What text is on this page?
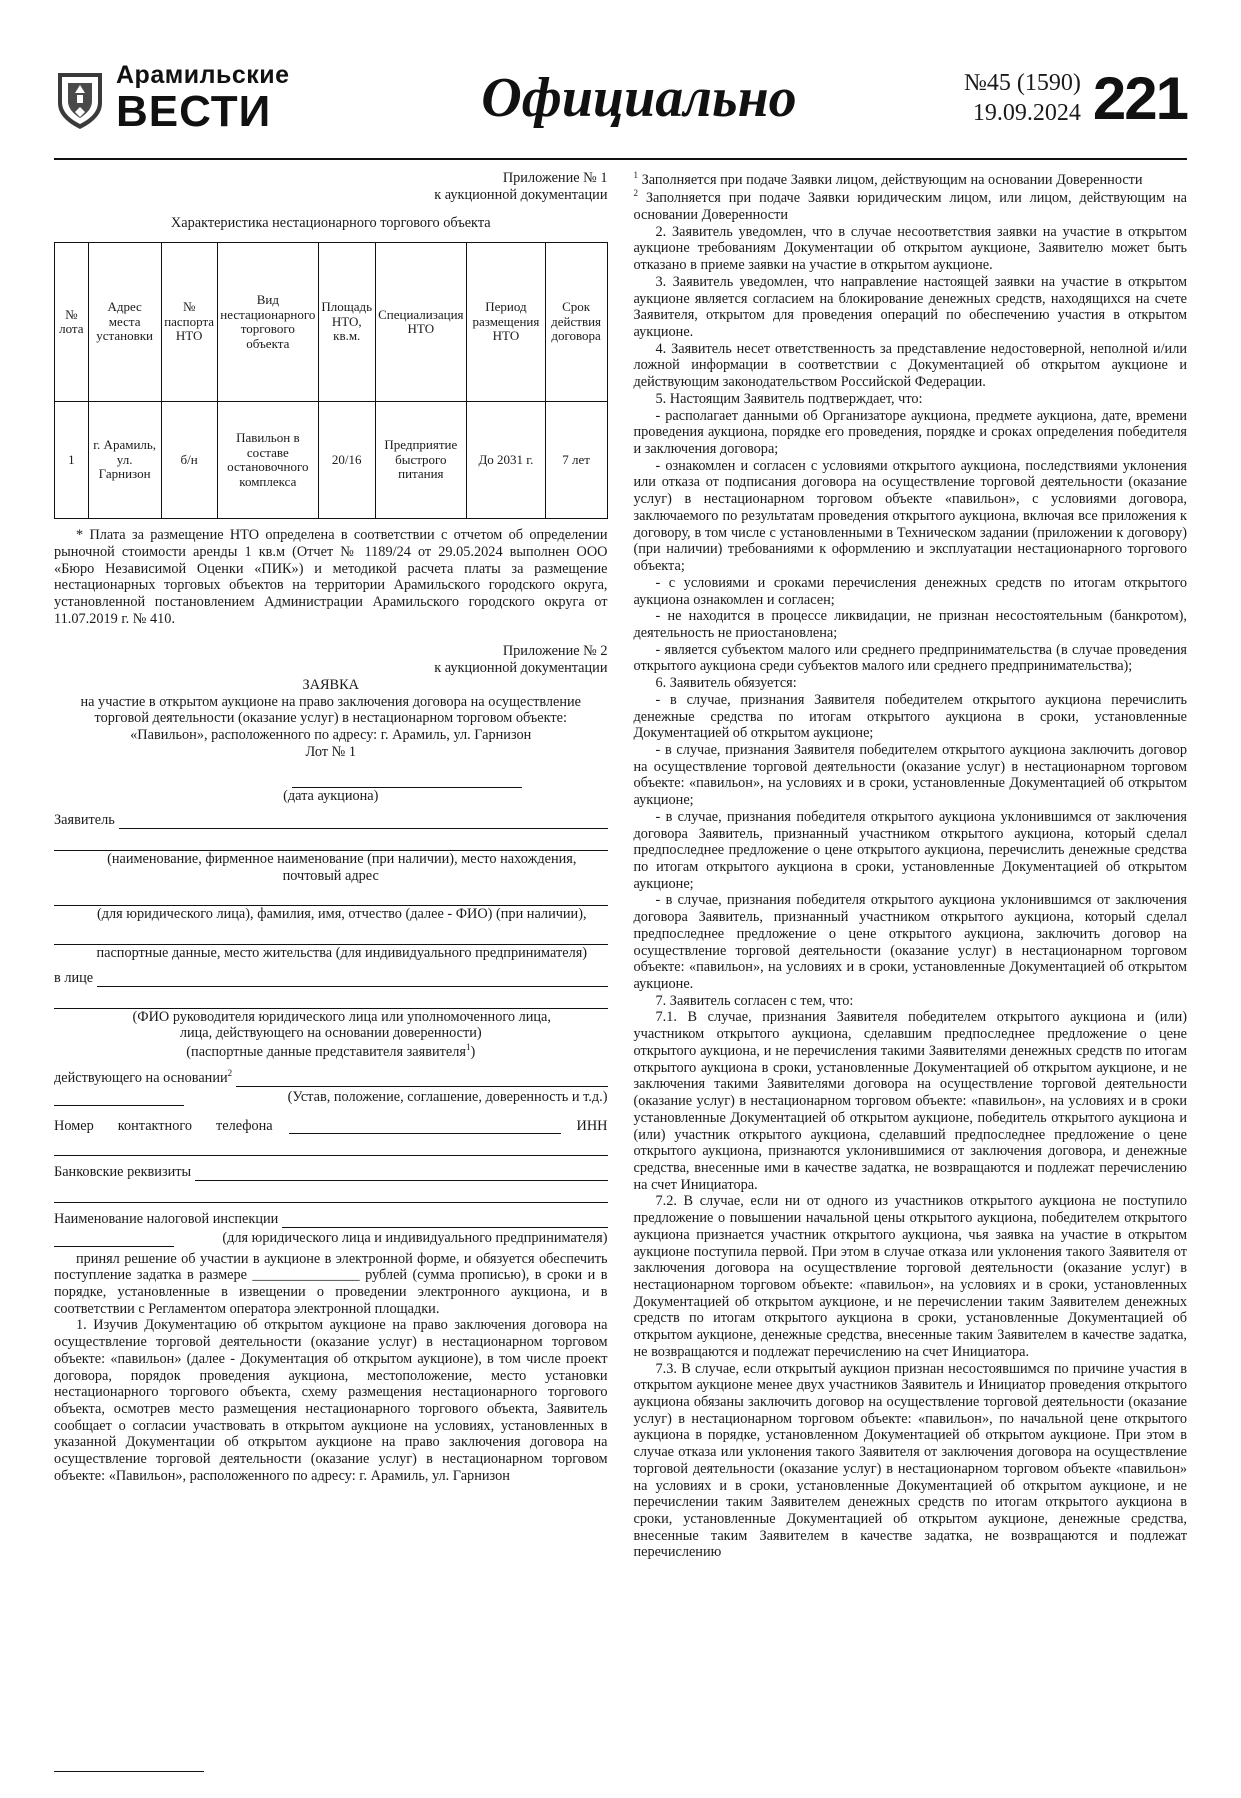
Арамильские
ВЕСТИ	Официально	№45 (1590)
19.09.2024 221

Приложение № 1

к аукционной документации

Характеристика нестационарного торгового объекта

№ лота	Адрес места установки	№ паспорта НТО	Вид нестационарного торгового объекта	Площадь НТО, кв.м.	Специализация НТО	Период размещения НТО	Срок действия договора
1	г. Арамиль, ул. Гарнизон	б/н	Павильон в составе остановочного комплекса	20/16	Предприятие быстрого питания	До 2031 г.	7 лет

* Плата за размещение НТО определена в соответствии с отчетом об определении рыночной стоимости аренды 1 кв.м (Отчет № 1189/24 от 29.05.2024 выполнен ООО «Бюро Независимой Оценки «ПИК») и методикой расчета платы за размещение нестационарных торговых объектов на территории Арамильского городского округа, установленной постановлением Администрации Арамильского городского округа от 11.07.2019 г. № 410.

Приложение № 2

к аукционной документации

ЗАЯВКА

на участие в открытом аукционе на право заключения договора на осуществление

торговой деятельности (оказание услуг) в нестационарном торговом объекте:

«Павильон», расположенного по адресу: г. Арамиль, ул. Гарнизон

Лот № 1

(дата аукциона)

Заявитель

(наименование, фирменное наименование (при наличии), место нахождения, почтовый адрес

(для юридического лица), фамилия, имя, отчество (далее - ФИО) (при наличии),

паспортные данные, место жительства (для индивидуального предпринимателя)

в лице

(ФИО руководителя юридического лица или уполномоченного лица,

лица, действующего на основании доверенности)

(паспортные данные представителя заявителя$^1$)

действующего на основании$^2$
(Устав, положение, соглашение, доверенность и т.д.)
Номер контактного телефона	ИНН
Банковские реквизиты
Наименование налоговой инспекции
(для юридического лица и индивидуального предпринимателя)

принял решение об участии в аукционе в электронной форме, и обязуется обеспечить поступление задатка в размере _______________ рублей (сумма прописью), в сроки и в порядке, установленные в извещении о проведении электронного аукциона, и в соответствии с Регламентом оператора электронной площадки.

1. Изучив Документацию об открытом аукционе на право заключения договора на осуществление торговой деятельности (оказание услуг) в нестационарном торговом объекте: «павильон» (далее - Документация об открытом аукционе), в том числе проект договора, порядок проведения аукциона, местоположение, место установки нестационарного торгового объекта, схему размещения нестационарного торгового объекта, осмотрев место размещения нестационарного торгового объекта, Заявитель сообщает о согласии участвовать в открытом аукционе на условиях, установленных в указанной Документации об открытом аукционе на право заключения договора на осуществление торговой деятельности (оказание услуг) в нестационарном торговом объекте: «Павильон», расположенного по адресу: г. Арамиль, ул. Гарнизон

$^1$ Заполняется при подаче Заявки лицом, действующим на основании Доверенности

$^2$ Заполняется при подаче Заявки юридическим лицом, или лицом, действующим на основании Доверенности

2. Заявитель уведомлен, что в случае несоответствия заявки на участие в открытом аукционе требованиям Документации об открытом аукционе, Заявителю может быть отказано в приеме заявки на участие в открытом аукционе.

3. Заявитель уведомлен, что направление настоящей заявки на участие в открытом аукционе является согласием на блокирование денежных средств, находящихся на счете Заявителя, открытом для проведения операций по обеспечению участия в открытом аукционе.

4. Заявитель несет ответственность за представление недостоверной, неполной и/или ложной информации в соответствии с Документацией об открытом аукционе и действующим законодательством Российской Федерации.

5. Настоящим Заявитель подтверждает, что:

- располагает данными об Организаторе аукциона, предмете аукциона, дате, времени проведения аукциона, порядке его проведения, порядке и сроках определения победителя и заключения договора;

- ознакомлен и согласен с условиями открытого аукциона, последствиями уклонения или отказа от подписания договора на осуществление торговой деятельности (оказание услуг) в нестационарном торговом объекте «павильон», с условиями договора, заключаемого по результатам проведения открытого аукциона, включая все приложения к договору, в том числе с установленными в Техническом задании (приложении к договору) (при наличии) требованиями к оформлению и эксплуатации нестационарного торгового объекта;

- с условиями и сроками перечисления денежных средств по итогам открытого аукциона ознакомлен и согласен;

- не находится в процессе ликвидации, не признан несостоятельным (банкротом), деятельность не приостановлена;

- является субъектом малого или среднего предпринимательства (в случае проведения открытого аукциона среди субъектов малого или среднего предпринимательства);

6. Заявитель обязуется:

- в случае, признания Заявителя победителем открытого аукциона перечислить денежные средства по итогам открытого аукциона в сроки, установленные Документацией об открытом аукционе;

- в случае, признания Заявителя победителем открытого аукциона заключить договор на осуществление торговой деятельности (оказание услуг) в нестационарном торговом объекте: «павильон», на условиях и в сроки, установленные Документацией об открытом аукционе;

- в случае, признания победителя открытого аукциона уклонившимся от заключения договора Заявитель, признанный участником открытого аукциона, который сделал предпоследнее предложение о цене открытого аукциона, перечислить денежные средства по итогам открытого аукциона в сроки, установленные Документацией об открытом аукционе;

- в случае, признания победителя открытого аукциона уклонившимся от заключения договора Заявитель, признанный участником открытого аукциона, который сделал предпоследнее предложение о цене открытого аукциона, заключить договор на осуществление торговой деятельности (оказание услуг) в нестационарном торговом объекте: «павильон», на условиях и в сроки, установленные Документацией об открытом аукционе.

7. Заявитель согласен с тем, что:

7.1. В случае, признания Заявителя победителем открытого аукциона и (или) участником открытого аукциона, сделавшим предпоследнее предложение о цене открытого аукциона, и не перечисления такими Заявителями денежных средств по итогам открытого аукциона в сроки, установленные Документацией об открытом аукционе, и не заключения такими Заявителями договора на осуществление торговой деятельности (оказание услуг) в нестационарном торговом объекте: «павильон», на условиях и в сроки установленные Документацией об открытом аукционе, победитель открытого аукциона и (или) участник открытого аукциона, сделавший предпоследнее предложение о цене открытого аукциона, признаются уклонившимися от заключения договора, и денежные средства, внесенные ими в качестве задатка, не возвращаются и подлежат перечислению на счет Инициатора.

7.2. В случае, если ни от одного из участников открытого аукциона не поступило предложение о повышении начальной цены открытого аукциона, победителем открытого аукциона признается участник открытого аукциона, чья заявка на участие в открытом аукционе поступила первой. При этом в случае отказа или уклонения такого Заявителя от заключения договора на осуществление торговой деятельности (оказание услуг) в нестационарном торговом объекте: «павильон», на условиях и в сроки, установленных Документацией об открытом аукционе, и не перечислении таким Заявителем денежных средств по итогам открытого аукциона в сроки, установленные Документацией об открытом аукционе, денежные средства, внесенные таким Заявителем в качестве задатка, не возвращаются и подлежат перечислению на счет Инициатора.

7.3. В случае, если открытый аукцион признан несостоявшимся по причине участия в открытом аукционе менее двух участников Заявитель и Инициатор проведения открытого аукциона обязаны заключить договор на осуществление торговой деятельности (оказание услуг) в нестационарном торговом объекте: «павильон», по начальной цене открытого аукциона в порядке, установленном Документацией об открытом аукционе. При этом в случае отказа или уклонения такого Заявителя от заключения договора на осуществление торговой деятельности (оказание услуг) в нестационарном торговом объекте «павильон» на условиях и в сроки, установленные Документацией об открытом аукционе, и не перечислении таким Заявителем денежных средств по итогам открытого аукциона в сроки, установленные Документацией об открытом аукционе, денежные средства, внесенные таким Заявителем в качестве задатка, не возвращаются и подлежат перечислению
